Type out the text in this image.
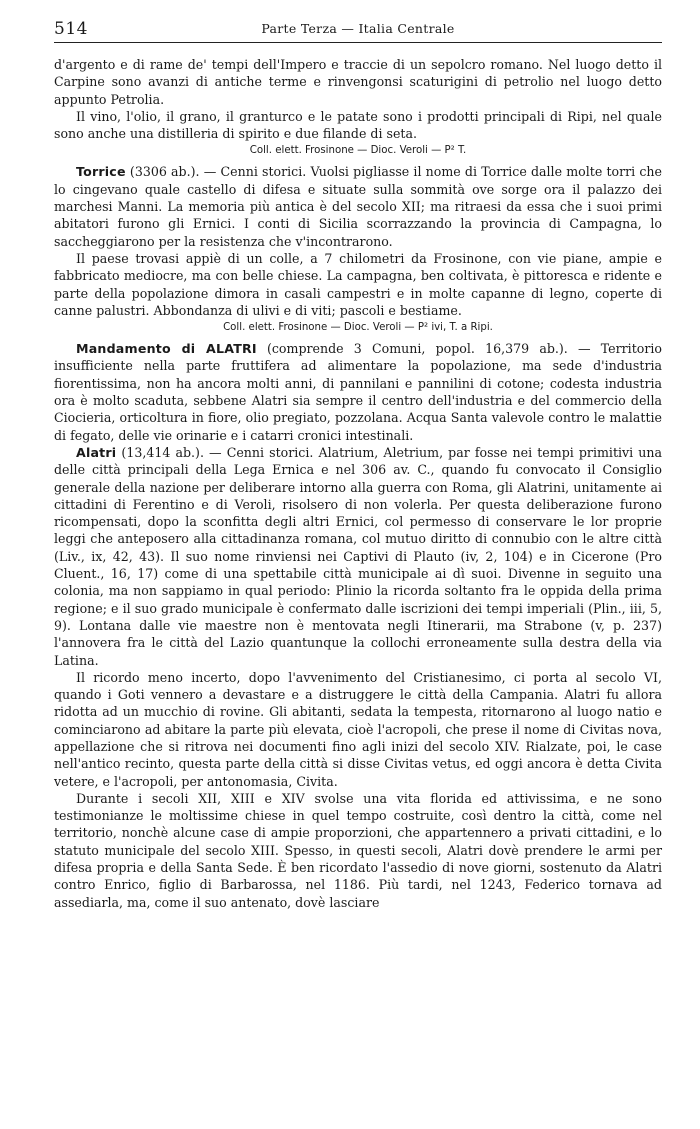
514	Parte Terza — Italia Centrale

d'argento e di rame de' tempi dell'Impero e traccie di un sepolcro romano. Nel luogo detto il Carpine sono avanzi di antiche terme e rinvengonsi scaturigini di petrolio nel luogo detto appunto Petrolia.

Il vino, l'olio, il grano, il granturco e le patate sono i prodotti principali di Ripi, nel quale sono anche una distilleria di spirito e due filande di seta.

Coll. elett. Frosinone — Dioc. Veroli — P² T.

Torrice (3306 ab.). — Cenni storici. Vuolsi pigliasse il nome di Torrice dalle molte torri che lo cingevano quale castello di difesa e situate sulla sommità ove sorge ora il palazzo dei marchesi Manni. La memoria più antica è del secolo XII; ma ritraesi da essa che i suoi primi abitatori furono gli Ernici. I conti di Sicilia scorrazzando la provincia di Campagna, lo saccheggiarono per la resistenza che v'incontrarono.

Il paese trovasi appiè di un colle, a 7 chilometri da Frosinone, con vie piane, ampie e fabbricato mediocre, ma con belle chiese. La campagna, ben coltivata, è pittoresca e ridente e parte della popolazione dimora in casali campestri e in molte capanne di legno, coperte di canne palustri. Abbondanza di ulivi e di viti; pascoli e bestiame.

Coll. elett. Frosinone — Dioc. Veroli — P² ivi, T. a Ripi.

Mandamento di ALATRI (comprende 3 Comuni, popol. 16,379 ab.). — Territorio insufficiente nella parte fruttifera ad alimentare la popolazione, ma sede d'industria fiorentissima, non ha ancora molti anni, di pannilani e pannilini di cotone; codesta industria ora è molto scaduta, sebbene Alatri sia sempre il centro dell'industria e del commercio della Ciocieria, orticoltura in fiore, olio pregiato, pozzolana. Acqua Santa valevole contro le malattie di fegato, delle vie orinarie e i catarri cronici intestinali.

Alatri (13,414 ab.). — Cenni storici. Alatrium, Aletrium, par fosse nei tempi primitivi una delle città principali della Lega Ernica e nel 306 av. C., quando fu convocato il Consiglio generale della nazione per deliberare intorno alla guerra con Roma, gli Alatrini, unitamente ai cittadini di Ferentino e di Veroli, risolsero di non volerla. Per questa deliberazione furono ricompensati, dopo la sconfitta degli altri Ernici, col permesso di conservare le lor proprie leggi che anteposero alla cittadinanza romana, col mutuo diritto di connubio con le altre città (Liv., ix, 42, 43). Il suo nome rinviensi nei Captivi di Plauto (iv, 2, 104) e in Cicerone (Pro Cluent., 16, 17) come di una spettabile città municipale ai dì suoi. Divenne in seguito una colonia, ma non sappiamo in qual periodo: Plinio la ricorda soltanto fra le oppida della prima regione; e il suo grado municipale è confermato dalle iscrizioni dei tempi imperiali (Plin., iii, 5, 9). Lontana dalle vie maestre non è mentovata negli Itinerarii, ma Strabone (v, p. 237) l'annovera fra le città del Lazio quantunque la collochi erroneamente sulla destra della via Latina.

Il ricordo meno incerto, dopo l'avvenimento del Cristianesimo, ci porta al secolo VI, quando i Goti vennero a devastare e a distruggere le città della Campania. Alatri fu allora ridotta ad un mucchio di rovine. Gli abitanti, sedata la tempesta, ritornarono al luogo natio e cominciarono ad abitare la parte più elevata, cioè l'acropoli, che prese il nome di Civitas nova, appellazione che si ritrova nei documenti fino agli inizi del secolo XIV. Rialzate, poi, le case nell'antico recinto, questa parte della città si disse Civitas vetus, ed oggi ancora è detta Civita vetere, e l'acropoli, per antonomasia, Civita.

Durante i secoli XII, XIII e XIV svolse una vita florida ed attivissima, e ne sono testimonianze le moltissime chiese in quel tempo costruite, così dentro la città, come nel territorio, nonchè alcune case di ampie proporzioni, che appartennero a privati cittadini, e lo statuto municipale del secolo XIII. Spesso, in questi secoli, Alatri dovè prendere le armi per difesa propria e della Santa Sede. È ben ricordato l'assedio di nove giorni, sostenuto da Alatri contro Enrico, figlio di Barbarossa, nel 1186. Più tardi, nel 1243, Federico tornava ad assediarla, ma, come il suo antenato, dovè lasciare
